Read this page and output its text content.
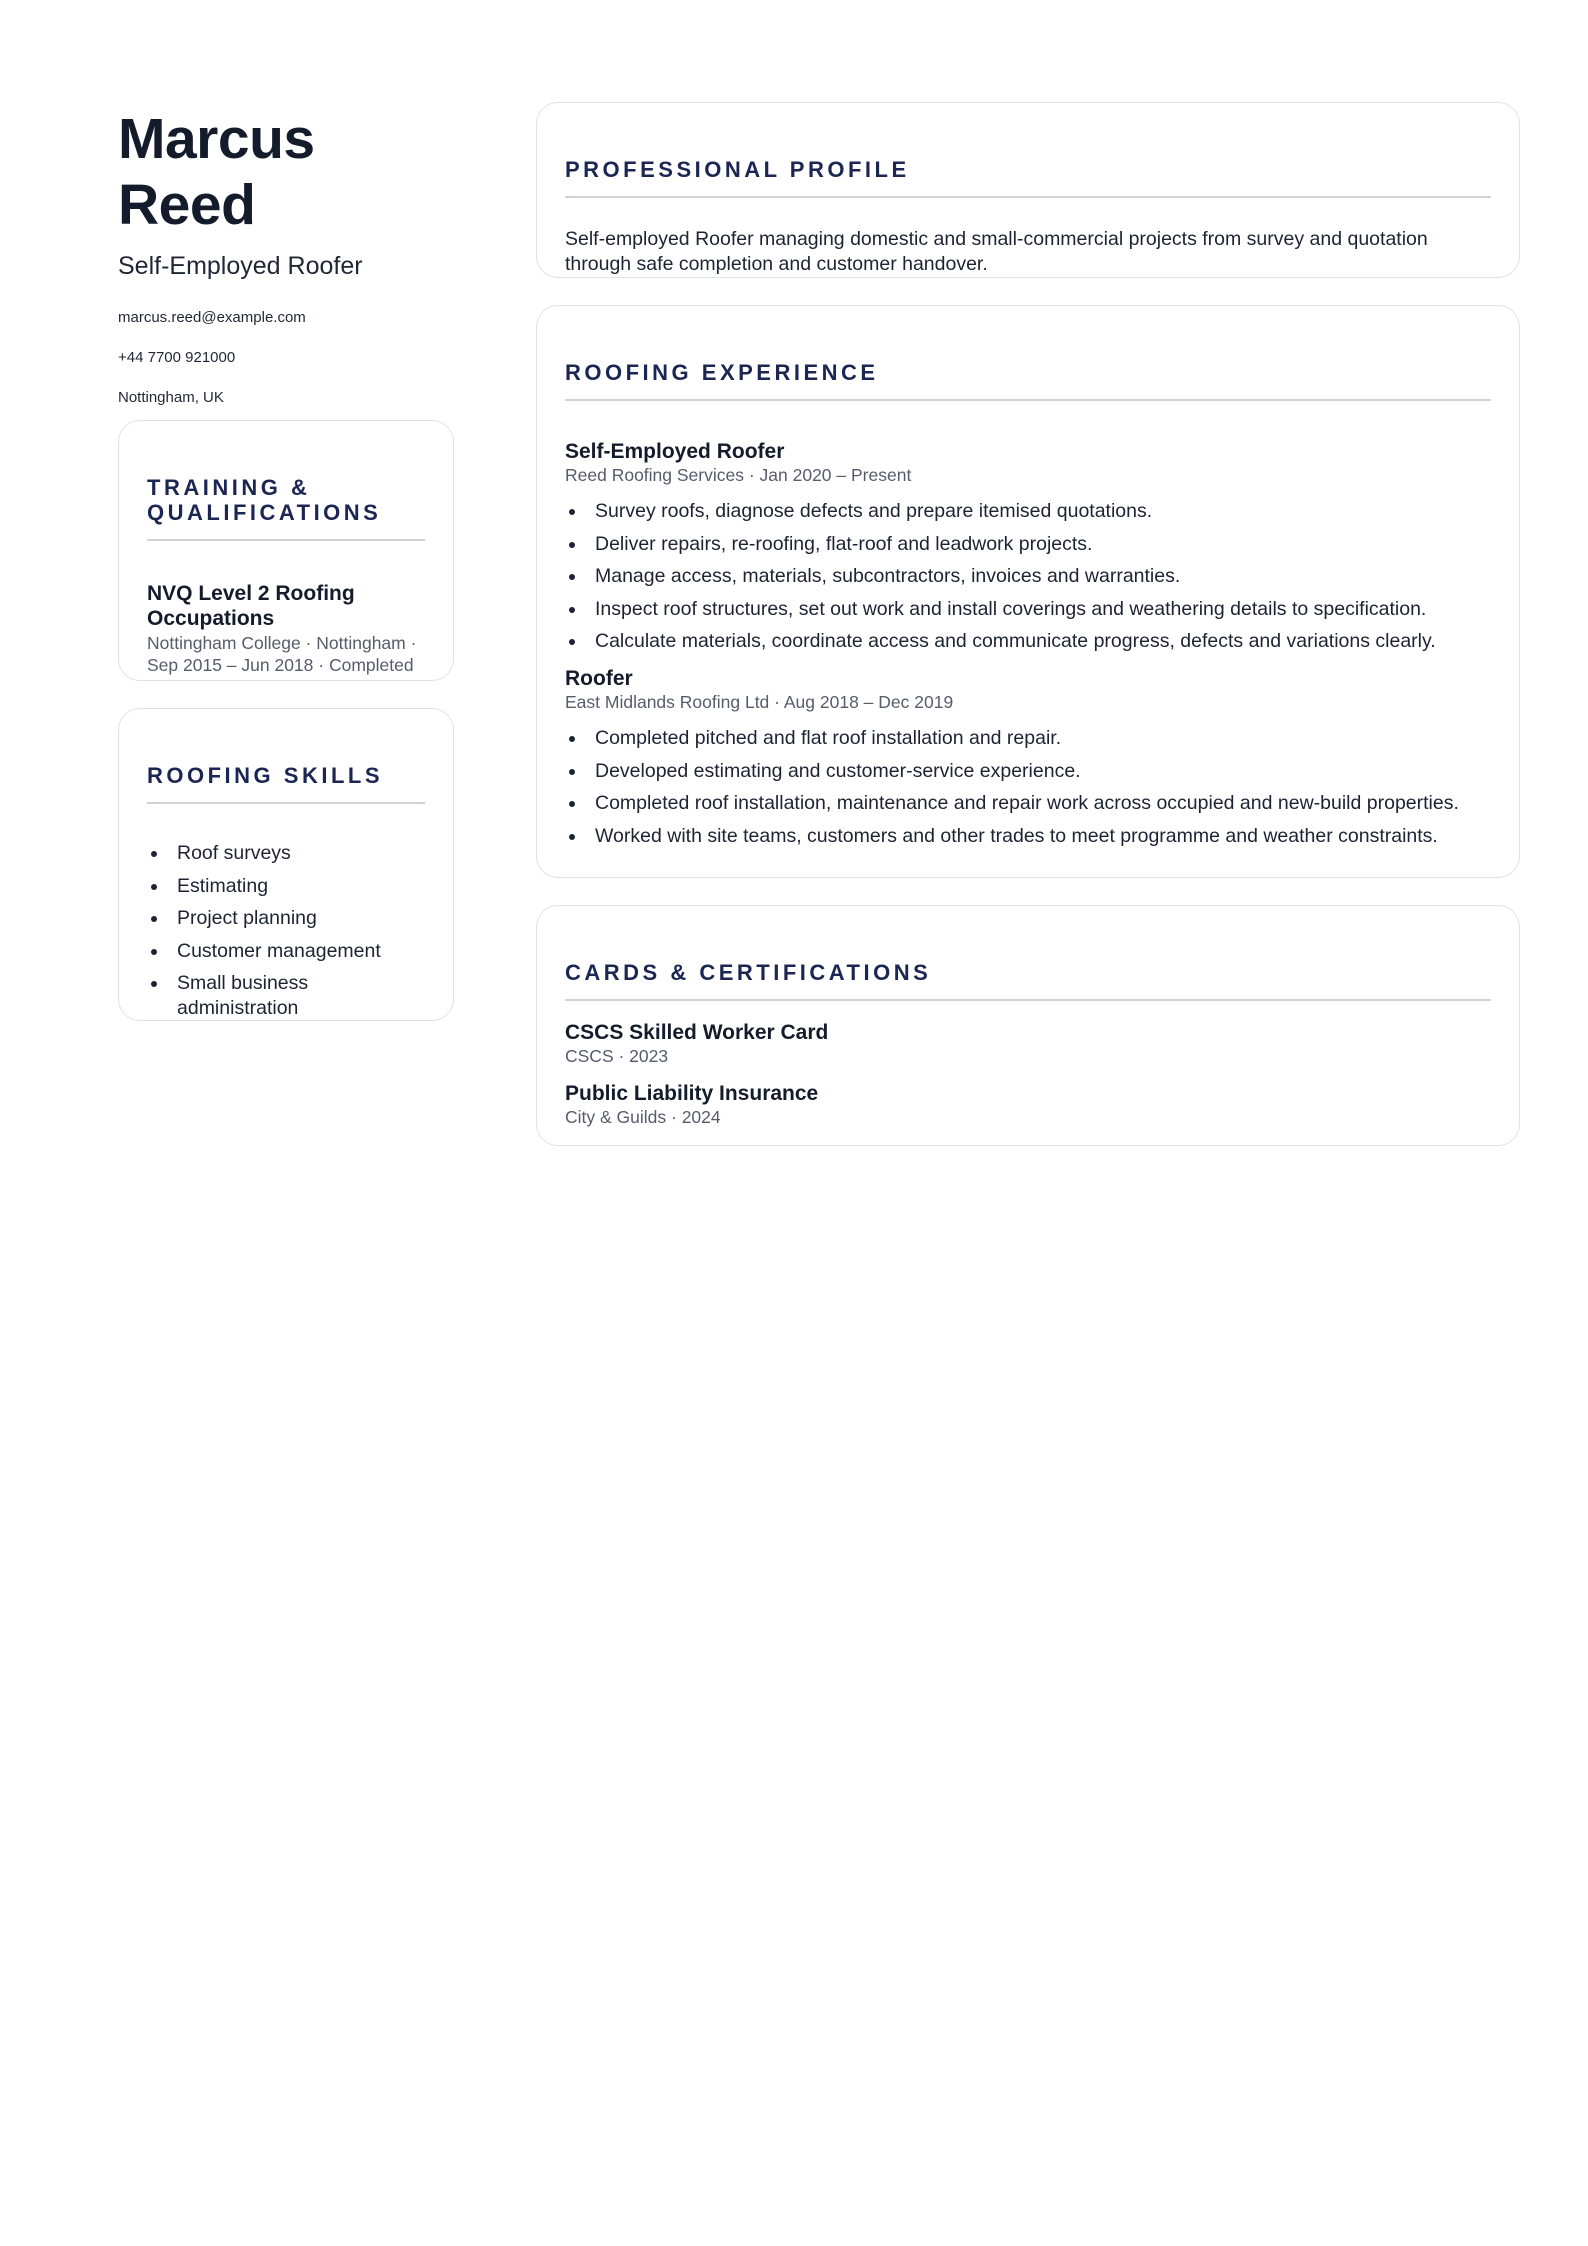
Marcus Reed
Self-Employed Roofer
marcus.reed@example.com
+44 7700 921000
Nottingham, UK
TRAINING & QUALIFICATIONS
NVQ Level 2 Roofing Occupations
Nottingham College · Nottingham ·
Sep 2015 – Jun 2018 · Completed
ROOFING SKILLS
Roof surveys
Estimating
Project planning
Customer management
Small business administration
PROFESSIONAL PROFILE

Self-employed Roofer managing domestic and small-commercial projects from survey and quotation through safe completion and customer handover.

ROOFING EXPERIENCE
Self-Employed Roofer
Reed Roofing Services · Jan 2020 – Present
Survey roofs, diagnose defects and prepare itemised quotations.
Deliver repairs, re-roofing, flat-roof and leadwork projects.
Manage access, materials, subcontractors, invoices and warranties.
Inspect roof structures, set out work and install coverings and weathering details to specification.
Calculate materials, coordinate access and communicate progress, defects and variations clearly.
Roofer
East Midlands Roofing Ltd · Aug 2018 – Dec 2019
Completed pitched and flat roof installation and repair.
Developed estimating and customer-service experience.
Completed roof installation, maintenance and repair work across occupied and new-build properties.
Worked with site teams, customers and other trades to meet programme and weather constraints.
CARDS & CERTIFICATIONS
CSCS Skilled Worker Card
CSCS · 2023
Public Liability Insurance
City & Guilds · 2024
